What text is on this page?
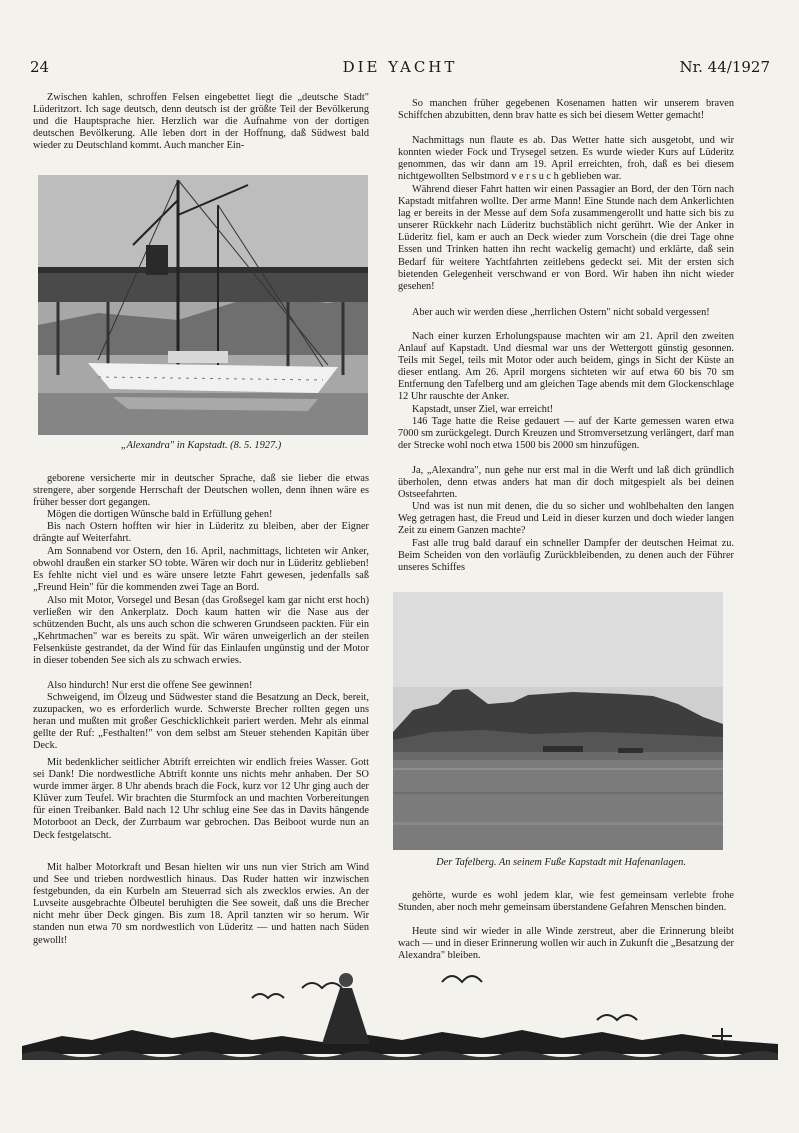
24	DIE YACHT	Nr. 44/1927

Zwischen kahlen, schroffen Felsen eingebettet liegt die „deutsche Stadt" Lüderitzort. Ich sage deutsch, denn deutsch ist der größte Teil der Bevölkerung und die Hauptsprache hier. Herzlich war die Aufnahme von der dortigen deutschen Bevölkerung. Alle leben dort in der Hoffnung, daß Südwest bald wieder zu Deutschland kommt. Auch mancher Ein-

„Alexandra" in Kapstadt. (8. 5. 1927.)

geborene versicherte mir in deutscher Sprache, daß sie lieber die etwas strengere, aber sorgende Herrschaft der Deutschen wollen, denn ihnen wäre es früher besser dort gegangen.

Mögen die dortigen Wünsche bald in Erfüllung gehen!

Bis nach Ostern hofften wir hier in Lüderitz zu bleiben, aber der Eigner drängte auf Weiterfahrt.

Am Sonnabend vor Ostern, den 16. April, nachmittags, lichteten wir Anker, obwohl draußen ein starker SO tobte. Wären wir doch nur in Lüderitz geblieben! Es fehlte nicht viel und es wäre unsere letzte Fahrt gewesen, jedenfalls saß „Freund Hein" für die kommenden zwei Tage an Bord.

Also mit Motor, Vorsegel und Besan (das Großsegel kam gar nicht erst hoch) verließen wir den Ankerplatz. Doch kaum hatten wir die Nase aus der schützenden Bucht, als uns auch schon die schweren Grundseen packten. Für ein „Kehrtmachen" war es bereits zu spät. Wir wären unweigerlich an der steilen Felsenküste gestrandet, da der Wind für das Einlaufen ungünstig und der Motor in dieser tobenden See sich als zu schwach erwies.

Also hindurch! Nur erst die offene See gewinnen!

Schweigend, im Ölzeug und Südwester stand die Besatzung an Deck, bereit, zuzupacken, wo es erforderlich wurde. Schwerste Brecher rollten gegen uns heran und mußten mit großer Geschicklichkeit pariert werden. Mehr als einmal gellte der Ruf: „Festhalten!" von dem selbst am Steuer stehenden Kapitän über Deck.

Mit bedenklicher seitlicher Abtrift erreichten wir endlich freies Wasser. Gott sei Dank! Die nordwestliche Abtrift konnte uns nichts mehr anhaben. Der SO wurde immer ärger. 8 Uhr abends brach die Fock, kurz vor 12 Uhr ging auch der Klüver zum Teufel. Wir brachten die Sturmfock an und machten Vorbereitungen für einen Treibanker. Bald nach 12 Uhr schlug eine See das in Davits hängende Motorboot an Deck, der Zurrbaum war gebrochen. Das Beiboot wurde nun an Deck festgelatscht.

Mit halber Motorkraft und Besan hielten wir uns nun vier Strich am Wind und See und trieben nordwestlich hinaus. Das Ruder hatten wir inzwischen festgebunden, da ein Kurbeln am Steuerrad sich als zwecklos erwies. An der Luvseite ausgebrachte Ölbeutel beruhigten die See soweit, daß uns die Brecher nicht mehr über Deck gingen. Bis zum 18. April tanzten wir so herum. Wir standen nun etwa 70 sm nordwestlich von Lüderitz — und hatten nach Süden gewollt!

So manchen früher gegebenen Kosenamen hatten wir unserem braven Schiffchen abzubitten, denn brav hatte es sich bei diesem Wetter gemacht!

Nachmittags nun flaute es ab. Das Wetter hatte sich ausgetobt, und wir konnten wieder Fock und Trysegel setzen. Es wurde wieder Kurs auf Lüderitz genommen, das wir dann am 19. April erreichten, froh, daß es bei diesem nichtgewollten Selbstmord v e r s u c h geblieben war.

Während dieser Fahrt hatten wir einen Passagier an Bord, der den Törn nach Kapstadt mitfahren wollte. Der arme Mann! Eine Stunde nach dem Ankerlichten lag er bereits in der Messe auf dem Sofa zusammengerollt und hatte sich bis zu unserer Rückkehr nach Lüderitz buchstäblich nicht gerührt. Wie der Anker in Lüderitz fiel, kam er auch an Deck wieder zum Vorschein (die drei Tage ohne Essen und Trinken hatten ihn recht wackelig gemacht) und erklärte, daß sein Bedarf für weitere Yachtfahrten zeitlebens gedeckt sei. Mit der ersten sich bietenden Gelegenheit verschwand er von Bord. Wir haben ihn nicht wieder gesehen!

Aber auch wir werden diese „herrlichen Ostern" nicht sobald vergessen!

Nach einer kurzen Erholungspause machten wir am 21. April den zweiten Anlauf auf Kapstadt. Und diesmal war uns der Wettergott günstig gesonnen. Teils mit Segel, teils mit Motor oder auch beidem, gings in Sicht der Küste an dieser entlang. Am 26. April morgens sichteten wir auf etwa 60 bis 70 sm Entfernung den Tafelberg und am gleichen Tage abends mit dem Glockenschlage 12 Uhr rauschte der Anker.

Kapstadt, unser Ziel, war erreicht!

146 Tage hatte die Reise gedauert — auf der Karte gemessen waren etwa 7000 sm zurückgelegt. Durch Kreuzen und Stromversetzung verlängert, darf man der Strecke wohl noch etwa 1500 bis 2000 sm hinzufügen.

Ja, „Alexandra", nun gehe nur erst mal in die Werft und laß dich gründlich überholen, denn etwas anders hat man dir doch mitgespielt als bei deinen Ostseefahrten.

Und was ist nun mit denen, die du so sicher und wohlbehalten den langen Weg getragen hast, die Freud und Leid in dieser kurzen und doch wieder langen Zeit zu einem Ganzen machte?

Fast alle trug bald darauf ein schneller Dampfer der deutschen Heimat zu. Beim Scheiden von den vorläufig Zurückbleibenden, zu denen auch der Führer unseres Schiffes

Der Tafelberg. An seinem Fuße Kapstadt mit Hafenanlagen.

gehörte, wurde es wohl jedem klar, wie fest gemeinsam verlebte frohe Stunden, aber noch mehr gemeinsam überstandene Gefahren Menschen binden.

Heute sind wir wieder in alle Winde zerstreut, aber die Erinnerung bleibt wach — und in dieser Erinnerung wollen wir auch in Zukunft die „Besatzung der Alexandra" bleiben.
